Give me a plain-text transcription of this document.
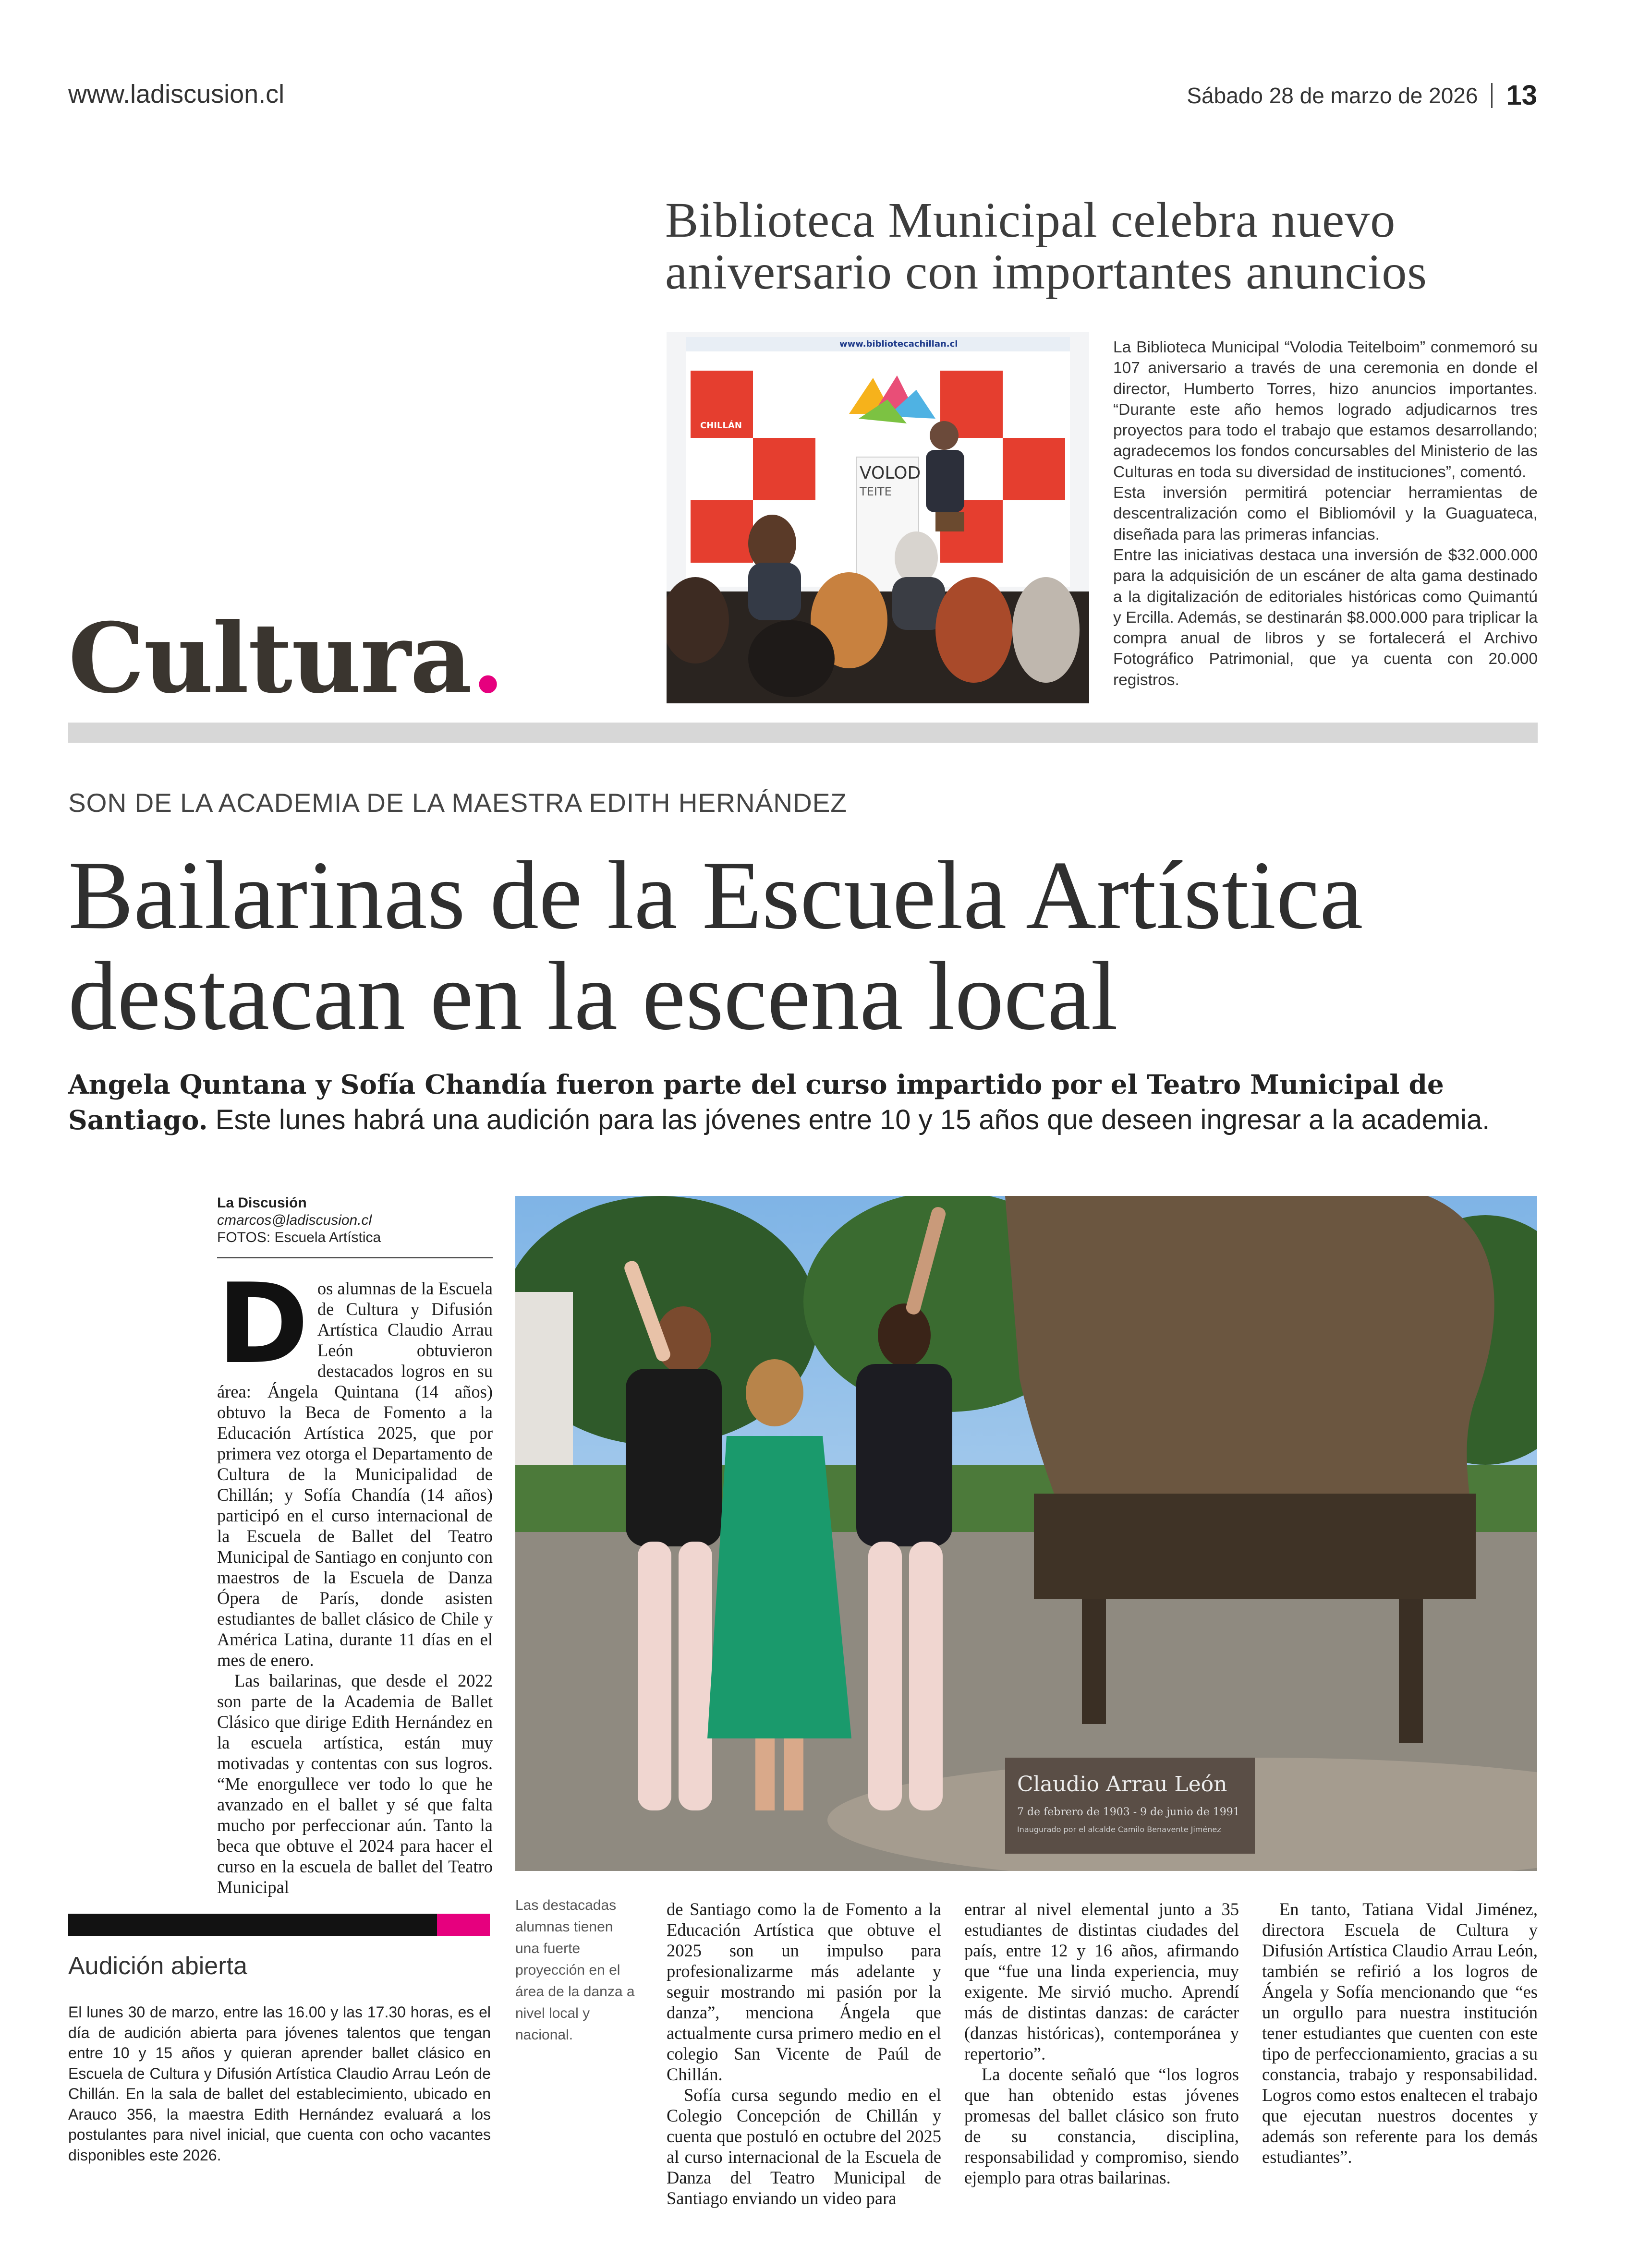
www.ladiscusion.cl	Sábado 28 de marzo de 2026 13
Biblioteca Municipal celebra nuevo
aniversario con importantes anuncios
VOLOD
TEITE
www.bibliotecachillan.cl
CHILLÁN

La Biblioteca Municipal “Volodia Teitelboim” conmemoró su 107 aniversario a través de una ceremonia en donde el director, Humberto Torres, hizo anuncios importantes. “Durante este año hemos logrado adjudicarnos tres proyectos para todo el trabajo que estamos desarrollando; agradecemos los fondos concursables del Ministerio de las Culturas en toda su diversidad de instituciones”, comentó.

Esta inversión permitirá potenciar herramientas de descentralización como el Bibliomóvil y la Guaguateca, diseñada para las primeras infancias.

Entre las iniciativas destaca una inversión de $32.000.000 para la adquisición de un escáner de alta gama destinado a la digitalización de editoriales históricas como Quimantú y Ercilla. Además, se destinarán $8.000.000 para triplicar la compra anual de libros y se fortalecerá el Archivo Fotográfico Patrimonial, que ya cuenta con 20.000 registros.

Cultura.
SON DE LA ACADEMIA DE LA MAESTRA EDITH HERNÁNDEZ
Bailarinas de la Escuela Artística
destacan en la escena local
Angela Quntana y Sofía Chandía fueron parte del curso impartido por el Teatro Municipal de Santiago. Este lunes habrá una audición para las jóvenes entre 10 y 15 años que deseen ingresar a la academia.
La Discusión
cmarcos@ladiscusion.cl
FOTOS: Escuela Artística

Dos alumnas de la Escuela de Cultura y Difusión Artística Claudio Arrau León obtuvieron destacados logros en su área: Ángela Quintana (14 años) obtuvo la Beca de Fomento a la Educación Artística 2025, que por primera vez otorga el Departamento de Cultura de la Municipalidad de Chillán; y Sofía Chandía (14 años) participó en el curso internacional de la Escuela de Ballet del Teatro Municipal de Santiago en conjunto con maestros de la Escuela de Danza Ópera de París, donde asisten estudiantes de ballet clásico de Chile y América Latina, durante 11 días en el mes de enero.

Las bailarinas, que desde el 2022 son parte de la Academia de Ballet Clásico que dirige Edith Hernández en la escuela artística, están muy motivadas y contentas con sus logros. “Me enorgullece ver todo lo que he avanzado en el ballet y sé que falta mucho por perfeccionar aún. Tanto la beca que obtuve el 2024 para hacer el curso en la escuela de ballet del Teatro Municipal

Claudio Arrau León
7 de febrero de 1903 - 9 de junio de 1991
Inaugurado por el alcalde Camilo Benavente Jiménez
Audición abierta
El lunes 30 de marzo, entre las 16.00 y las 17.30 horas, es el día de audición abierta para jóvenes talentos que tengan entre 10 y 15 años y quieran aprender ballet clásico en Escuela de Cultura y Difusión Artística Claudio Arrau León de Chillán. En la sala de ballet del establecimiento, ubicado en Arauco 356, la maestra Edith Hernández evaluará a los postulantes para nivel inicial, que cuenta con ocho vacantes disponibles este 2026.
Las destacadas alumnas tienen una fuerte proyección en el área de la danza a nivel local y nacional.

de Santiago como la de Fomento a la Educación Artística que obtuve el 2025 son un impulso para profesionalizarme más adelante y seguir mostrando mi pasión por la danza”, menciona Ángela que actualmente cursa primero medio en el colegio San Vicente de Paúl de Chillán.

Sofía cursa segundo medio en el Colegio Concepción de Chillán y cuenta que postuló en octubre del 2025 al curso internacional de la Escuela de Danza del Teatro Municipal de Santiago enviando un video para

entrar al nivel elemental junto a 35 estudiantes de distintas ciudades del país, entre 12 y 16 años, afirmando que “fue una linda experiencia, muy exigente. Me sirvió mucho. Aprendí más de distintas danzas: de carácter (danzas históricas), contemporánea y repertorio”.

La docente señaló que “los logros que han obtenido estas jóvenes promesas del ballet clásico son fruto de su constancia, disciplina, responsabilidad y compromiso, siendo ejemplo para otras bailarinas.

En tanto, Tatiana Vidal Jiménez, directora Escuela de Cultura y Difusión Artística Claudio Arrau León, también se refirió a los logros de Ángela y Sofía mencionando que “es un orgullo para nuestra institución tener estudiantes que cuenten con este tipo de perfeccionamiento, gracias a su constancia, trabajo y responsabilidad. Logros como estos enaltecen el trabajo que ejecutan nuestros docentes y además son referente para los demás estudiantes”.
